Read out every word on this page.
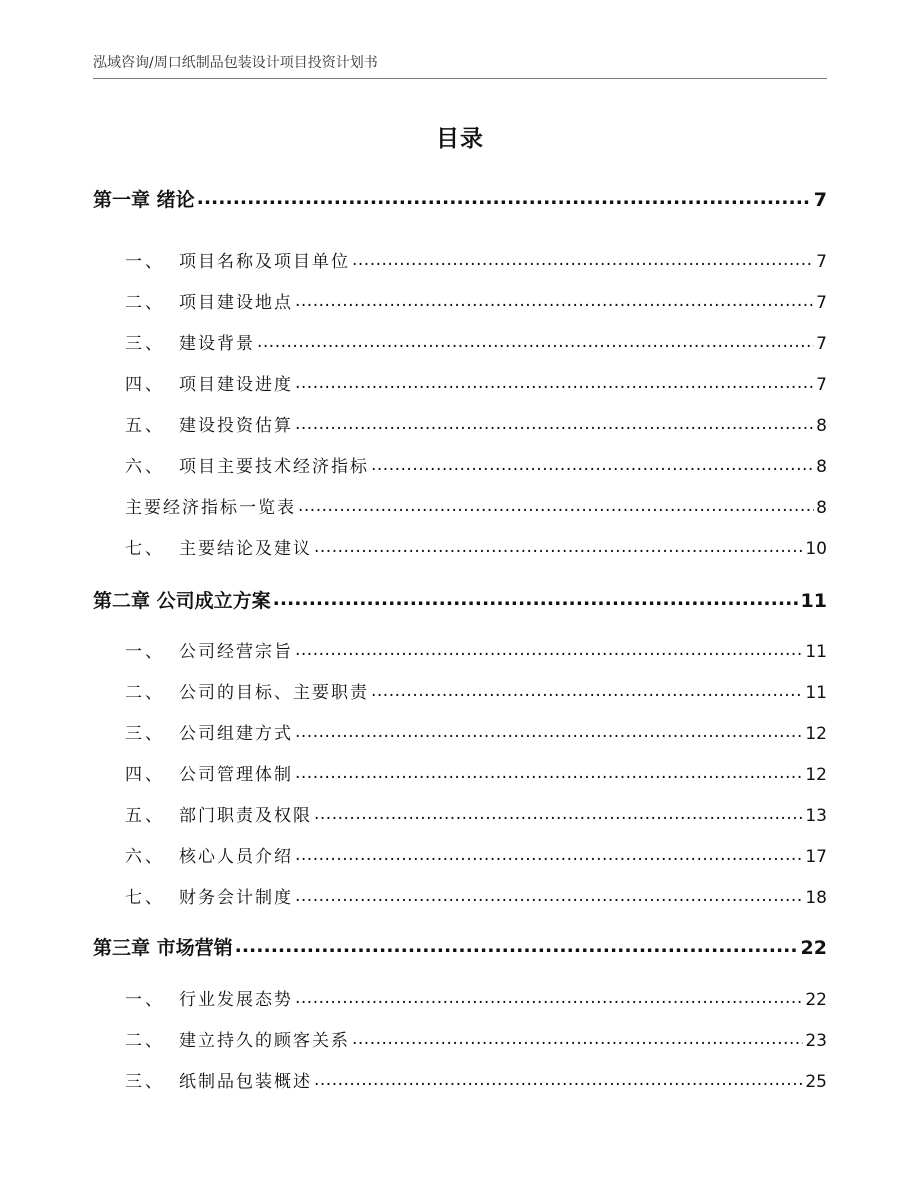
泓域咨询/周口纸制品包装设计项目投资计划书
目录
第一章 绪论 .....	7
一、 项目名称及项目单位 .....	7
二、 项目建设地点 .....	7
三、 建设背景 .....	7
四、 项目建设进度 .....	7
五、 建设投资估算 .....	8
六、 项目主要技术经济指标 .....	8
主要经济指标一览表 .....	8
七、 主要结论及建议 .....	10
第二章 公司成立方案 .....	11
一、 公司经营宗旨 .....	11
二、 公司的目标、主要职责 .....	11
三、 公司组建方式 .....	12
四、 公司管理体制 .....	12
五、 部门职责及权限 .....	13
六、 核心人员介绍 .....	17
七、 财务会计制度 .....	18
第三章 市场营销 .....	22
一、 行业发展态势 .....	22
二、 建立持久的顾客关系 .....	23
三、 纸制品包装概述 .....	25
